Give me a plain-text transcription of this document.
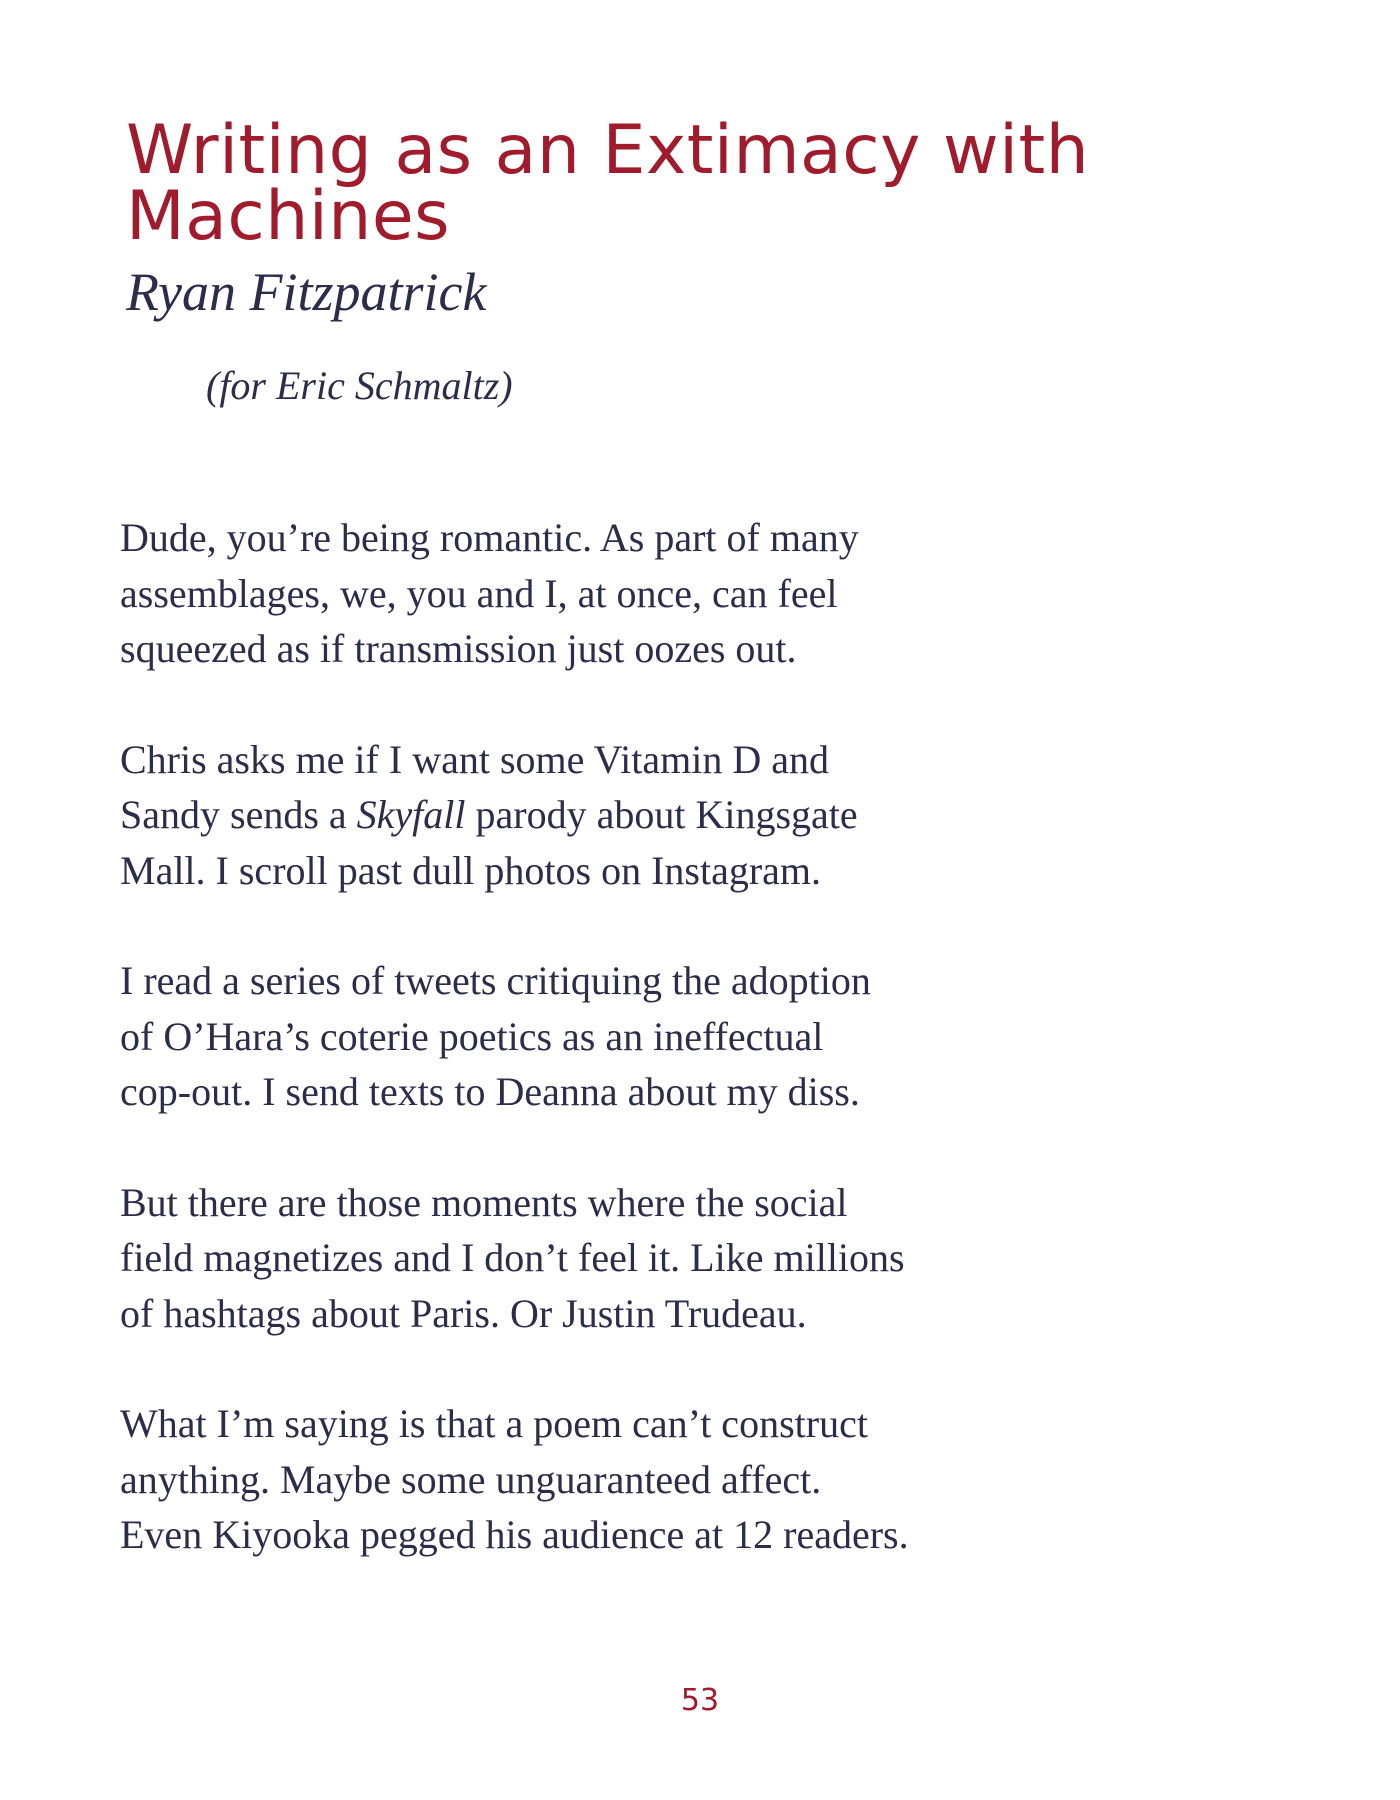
Writing as an Extimacy with Machines

Ryan Fitzpatrick

(for Eric Schmaltz)

Dude, you’re being romantic. As part of many
assemblages, we, you and I, at once, can feel
squeezed as if transmission just oozes out.

Chris asks me if I want some Vitamin D and
Sandy sends a Skyfall parody about Kingsgate
Mall. I scroll past dull photos on Instagram.

I read a series of tweets critiquing the adoption
of O’Hara’s coterie poetics as an ineffectual
cop-out. I send texts to Deanna about my diss.

But there are those moments where the social
field magnetizes and I don’t feel it. Like millions
of hashtags about Paris. Or Justin Trudeau.

What I’m saying is that a poem can’t construct
anything. Maybe some unguaranteed affect.
Even Kiyooka pegged his audience at 12 readers.

53
